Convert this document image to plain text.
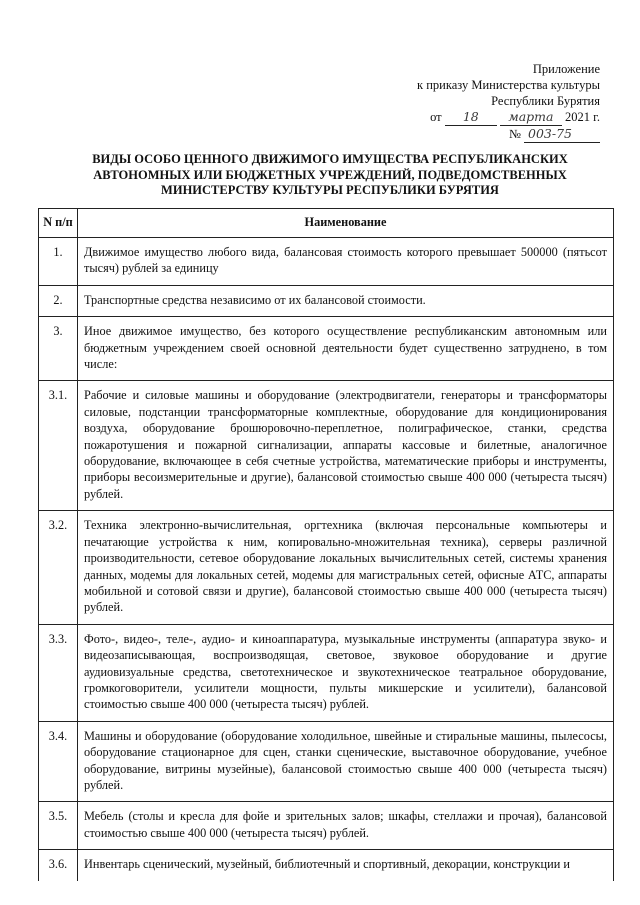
Приложение
к приказу Министерства культуры
Республики Бурятия
от 18 марта 2021 г.
№ 003-75
ВИДЫ ОСОБО ЦЕННОГО ДВИЖИМОГО ИМУЩЕСТВА РЕСПУБЛИКАНСКИХ АВТОНОМНЫХ ИЛИ БЮДЖЕТНЫХ УЧРЕЖДЕНИЙ, ПОДВЕДОМСТВЕННЫХ МИНИСТЕРСТВУ КУЛЬТУРЫ РЕСПУБЛИКИ БУРЯТИЯ
N п/п	Наименование
1.	Движимое имущество любого вида, балансовая стоимость которого превышает 500000 (пятьсот тысяч) рублей за единицу
2.	Транспортные средства независимо от их балансовой стоимости.
3.	Иное движимое имущество, без которого осуществление республиканским автономным или бюджетным учреждением своей основной деятельности будет существенно затруднено, в том числе:
3.1.	Рабочие и силовые машины и оборудование (электродвигатели, генераторы и трансформаторы силовые, подстанции трансформаторные комплектные, оборудование для кондиционирования воздуха, оборудование брошюровочно-переплетное, полиграфическое, станки, средства пожаротушения и пожарной сигнализации, аппараты кассовые и билетные, аналогичное оборудование, включающее в себя счетные устройства, математические приборы и инструменты, приборы весоизмерительные и другие), балансовой стоимостью свыше 400 000 (четыреста тысяч) рублей.
3.2.	Техника электронно-вычислительная, оргтехника (включая персональные компьютеры и печатающие устройства к ним, копировально-множительная техника), серверы различной производительности, сетевое оборудование локальных вычислительных сетей, системы хранения данных, модемы для локальных сетей, модемы для магистральных сетей, офисные АТС, аппараты мобильной и сотовой связи и другие), балансовой стоимостью свыше 400 000 (четыреста тысяч) рублей.
3.3.	Фото-, видео-, теле-, аудио- и киноаппаратура, музыкальные инструменты (аппаратура звуко- и видеозаписывающая, воспроизводящая, световое, звуковое оборудование и другие аудиовизуальные средства, светотехническое и звукотехническое театральное оборудование, громкоговорители, усилители мощности, пульты микшерские и усилители), балансовой стоимостью свыше 400 000 (четыреста тысяч) рублей.
3.4.	Машины и оборудование (оборудование холодильное, швейные и стиральные машины, пылесосы, оборудование стационарное для сцен, станки сценические, выставочное оборудование, учебное оборудование, витрины музейные), балансовой стоимостью свыше 400 000 (четыреста тысяч) рублей.
3.5.	Мебель (столы и кресла для фойе и зрительных залов; шкафы, стеллажи и прочая), балансовой стоимостью свыше 400 000 (четыреста тысяч) рублей.
3.6.	Инвентарь сценический, музейный, библиотечный и спортивный, декорации, конструкции и
